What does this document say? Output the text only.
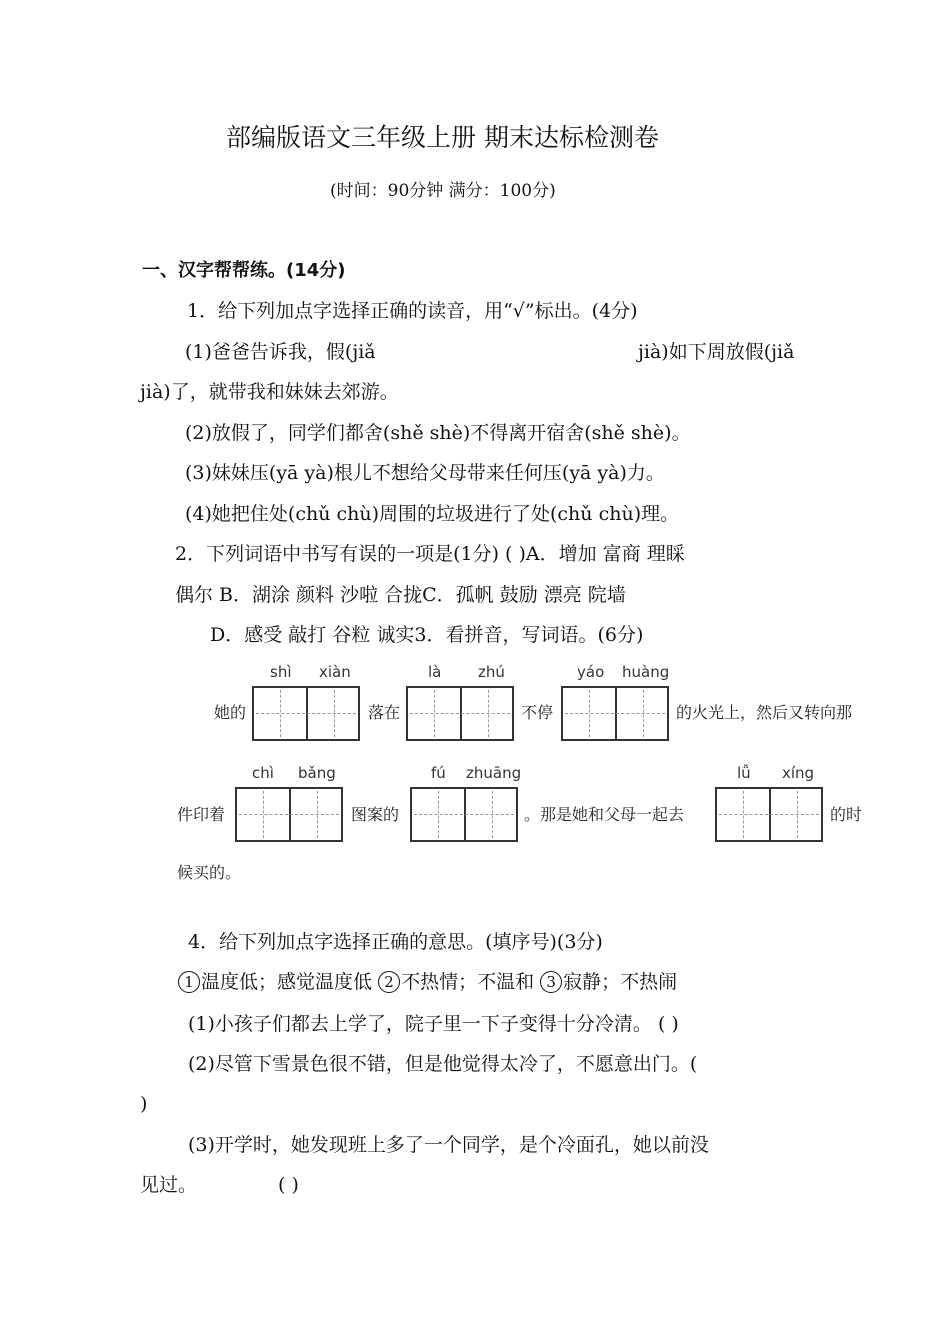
部编版语文三年级上册 期末达标检测卷
(时间：90分钟 满分：100分)
一、汉字帮帮练。(14分)
1．给下列加点字选择正确的读音，用“√”标出。(4分)
(1)爸爸告诉我，假(jiǎ	jià)如下周放假(jiǎ
jià)了，就带我和妹妹去郊游。
(2)放假了，同学们都舍(shě shè)不得离开宿舍(shě shè)。
(3)妹妹压(yā yà)根儿不想给父母带来任何压(yā yà)力。
(4)她把住处(chǔ chù)周围的垃圾进行了处(chǔ chù)理。
2．下列词语中书写有误的一项是(1分) ( )A．增加 富商 理睬
偶尔 B．湖涂 颜料 沙啦 合拢C．孤帆 鼓励 漂亮 院墙
D．感受 敲打 谷粒 诚实3．看拼音，写词语。(6分)
shì xiàn	là zhú	yáo huàng
她的	落在	不停	的火光上，然后又转向那
chì bǎng	fú zhuāng	lǚ xíng
件印着	图案的	。那是她和父母一起去	的时
候买的。
4．给下列加点字选择正确的意思。(填序号)(3分)
1 温度低；感觉温度低 2 不热情；不温和 3 寂静；不热闹
(1)小孩子们都去上学了，院子里一下子变得十分冷清。 ( )
(2)尽管下雪景色很不错，但是他觉得太冷了，不愿意出门。(
)
(3)开学时，她发现班上多了一个同学，是个冷面孔，她以前没
见过。	( )
